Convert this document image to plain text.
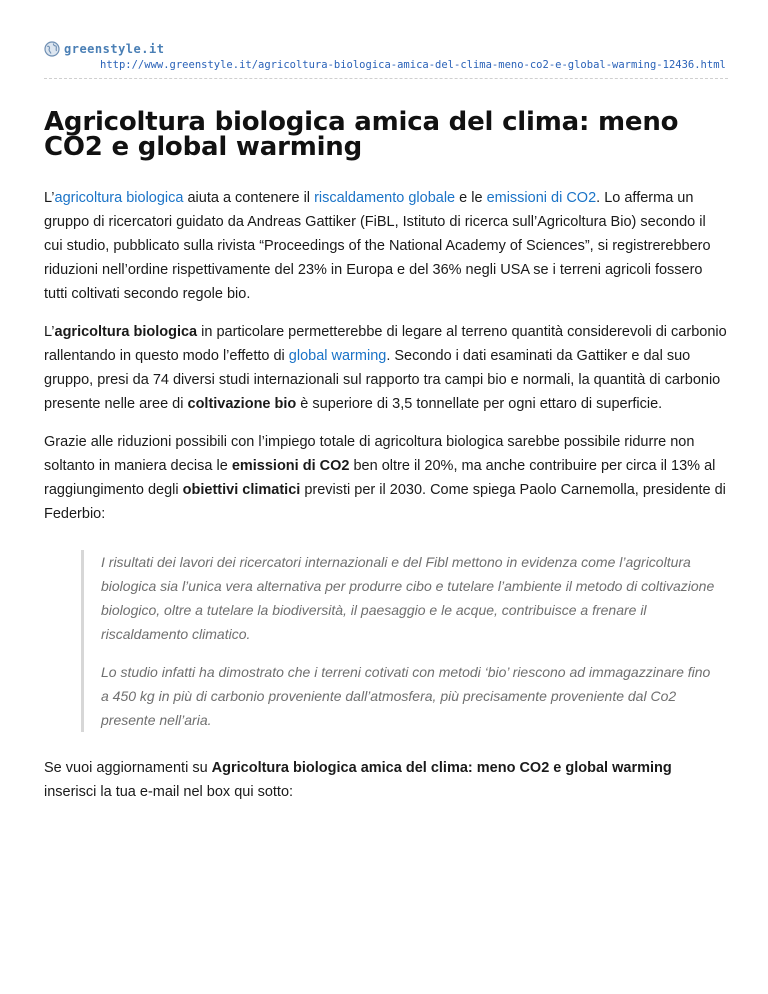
greenstyle.it
http://www.greenstyle.it/agricoltura-biologica-amica-del-clima-meno-co2-e-global-warming-12436.html
Agricoltura biologica amica del clima: meno CO2 e global warming

L’agricoltura biologica aiuta a contenere il riscaldamento globale e le emissioni di CO2. Lo afferma un gruppo di ricercatori guidato da Andreas Gattiker (FiBL, Istituto di ricerca sull’Agricoltura Bio) secondo il cui studio, pubblicato sulla rivista “Proceedings of the National Academy of Sciences”, si registrerebbero riduzioni nell’ordine rispettivamente del 23% in Europa e del 36% negli USA se i terreni agricoli fossero tutti coltivati secondo regole bio.

L’agricoltura biologica in particolare permetterebbe di legare al terreno quantità considerevoli di carbonio rallentando in questo modo l’effetto di global warming. Secondo i dati esaminati da Gattiker e dal suo gruppo, presi da 74 diversi studi internazionali sul rapporto tra campi bio e normali, la quantità di carbonio presente nelle aree di coltivazione bio è superiore di 3,5 tonnellate per ogni ettaro di superficie.

Grazie alle riduzioni possibili con l’impiego totale di agricoltura biologica sarebbe possibile ridurre non soltanto in maniera decisa le emissioni di CO2 ben oltre il 20%, ma anche contribuire per circa il 13% al raggiungimento degli obiettivi climatici previsti per il 2030. Come spiega Paolo Carnemolla, presidente di Federbio:

I risultati dei lavori dei ricercatori internazionali e del Fibl mettono in evidenza come l’agricoltura biologica sia l’unica vera alternativa per produrre cibo e tutelare l’ambiente il metodo di coltivazione biologico, oltre a tutelare la biodiversità, il paesaggio e le acque, contribuisce a frenare il riscaldamento climatico.

Lo studio infatti ha dimostrato che i terreni cotivati con metodi ‘bio’ riescono ad immagazzinare fino a 450 kg in più di carbonio proveniente dall’atmosfera, più precisamente proveniente dal Co2 presente nell’aria.

Se vuoi aggiornamenti su Agricoltura biologica amica del clima: meno CO2 e global warming inserisci la tua e-mail nel box qui sotto:
